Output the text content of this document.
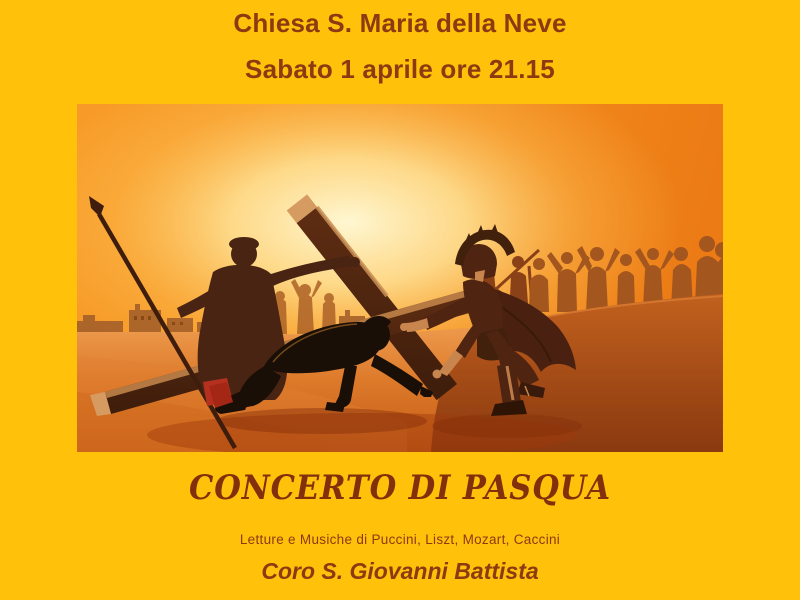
Chiesa S. Maria della Neve
Sabato 1 aprile ore 21.15
CONCERTO DI PASQUA
Letture e Musiche di Puccini, Liszt, Mozart, Caccini
Coro S. Giovanni Battista
